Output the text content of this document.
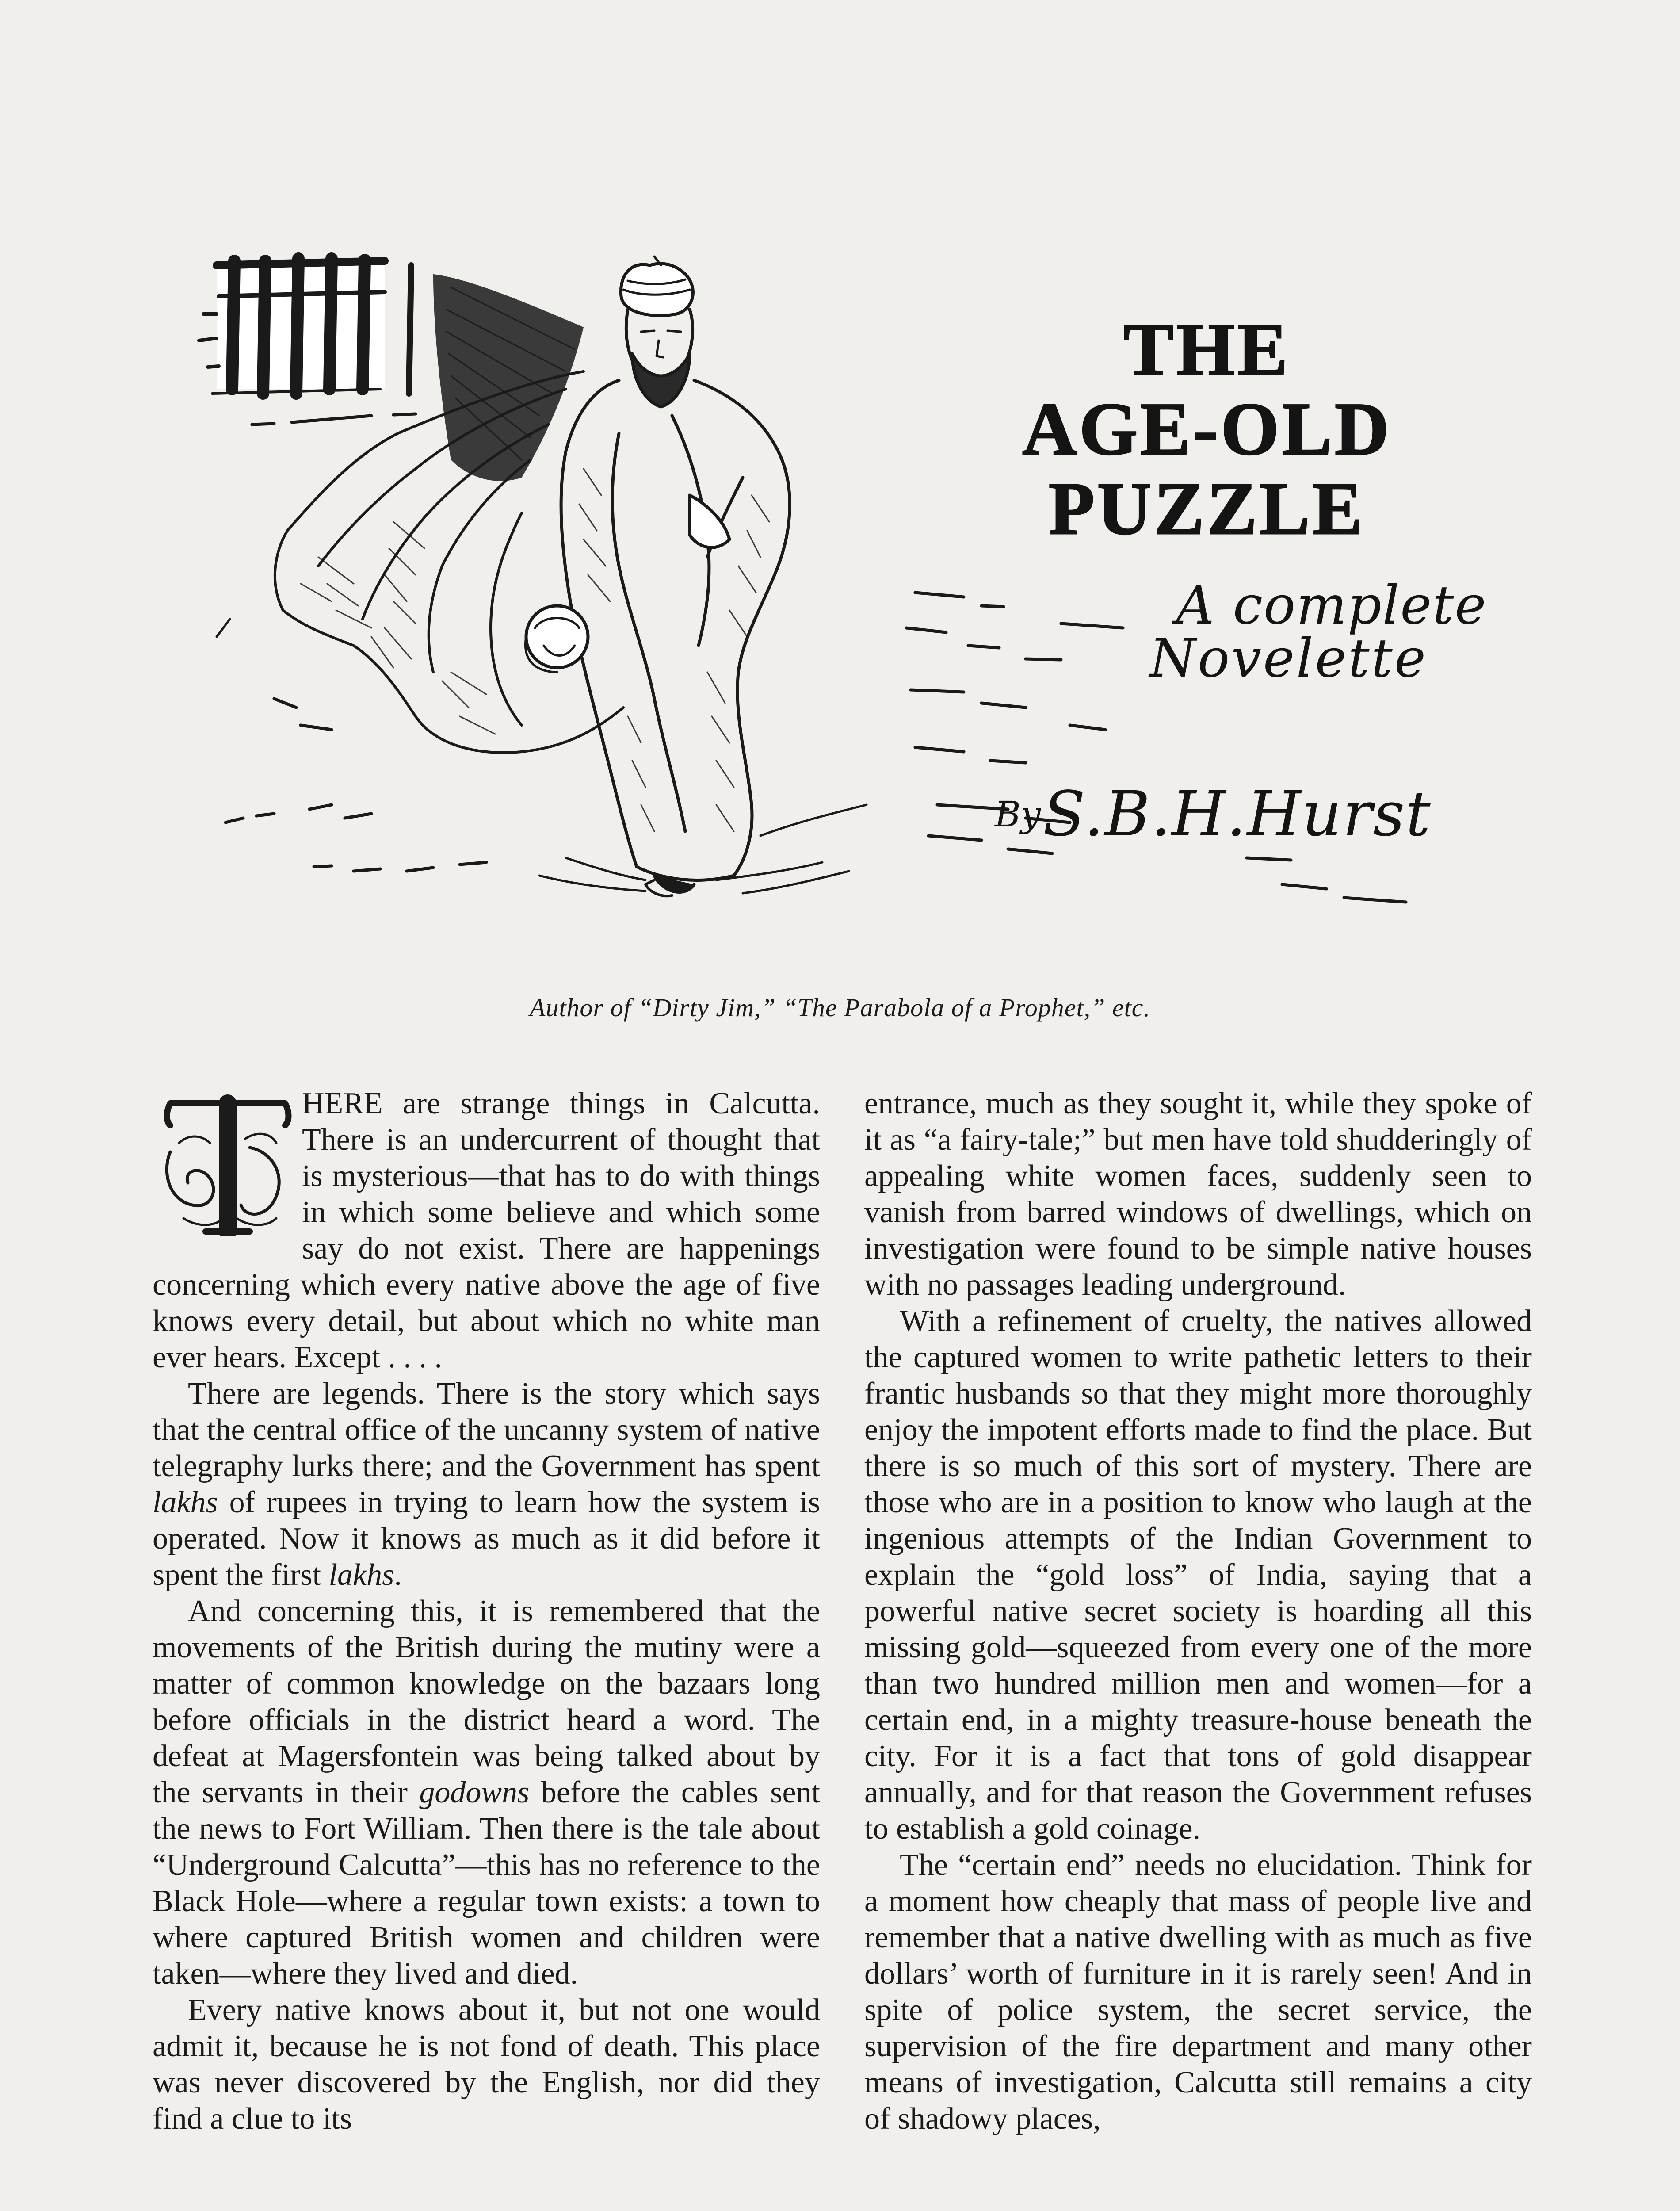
THE
AGE-OLD
PUZZLE
A complete
Novelette
By S.B.H.Hurst
Author of “Dirty Jim,” “The Parabola of a Prophet,” etc.

HERE are strange things in Calcutta. There is an undercurrent of thought that is mysterious—that has to do with things in which some believe and which some say do not exist. There are happenings concerning which every native above the age of five knows every detail, but about which no white man ever hears. Except . . . .

There are legends. There is the story which says that the central office of the uncanny system of native telegraphy lurks there; and the Government has spent lakhs of rupees in trying to learn how the system is operated. Now it knows as much as it did before it spent the first lakhs.

And concerning this, it is remembered that the movements of the British during the mutiny were a matter of common knowledge on the bazaars long before officials in the district heard a word. The defeat at Magersfontein was being talked about by the servants in their godowns before the cables sent the news to Fort William. Then there is the tale about “Underground Calcutta”—this has no reference to the Black Hole—where a regular town exists: a town to where captured British women and children were taken—where they lived and died.

Every native knows about it, but not one would admit it, because he is not fond of death. This place was never discovered by the English, nor did they find a clue to its

entrance, much as they sought it, while they spoke of it as “a fairy-tale;” but men have told shudderingly of appealing white women faces, suddenly seen to vanish from barred windows of dwellings, which on investigation were found to be simple native houses with no passages leading underground.

With a refinement of cruelty, the natives allowed the captured women to write pathetic letters to their frantic husbands so that they might more thoroughly enjoy the impotent efforts made to find the place. But there is so much of this sort of mystery. There are those who are in a position to know who laugh at the ingenious attempts of the Indian Government to explain the “gold loss” of India, saying that a powerful native secret society is hoarding all this missing gold—squeezed from every one of the more than two hundred million men and women—for a certain end, in a mighty treasure-house beneath the city. For it is a fact that tons of gold disappear annually, and for that reason the Government refuses to establish a gold coinage.

The “certain end” needs no elucidation. Think for a moment how cheaply that mass of people live and remember that a native dwelling with as much as five dollars’ worth of furniture in it is rarely seen! And in spite of police system, the secret service, the supervision of the fire department and many other means of investigation, Calcutta still remains a city of shadowy places,
